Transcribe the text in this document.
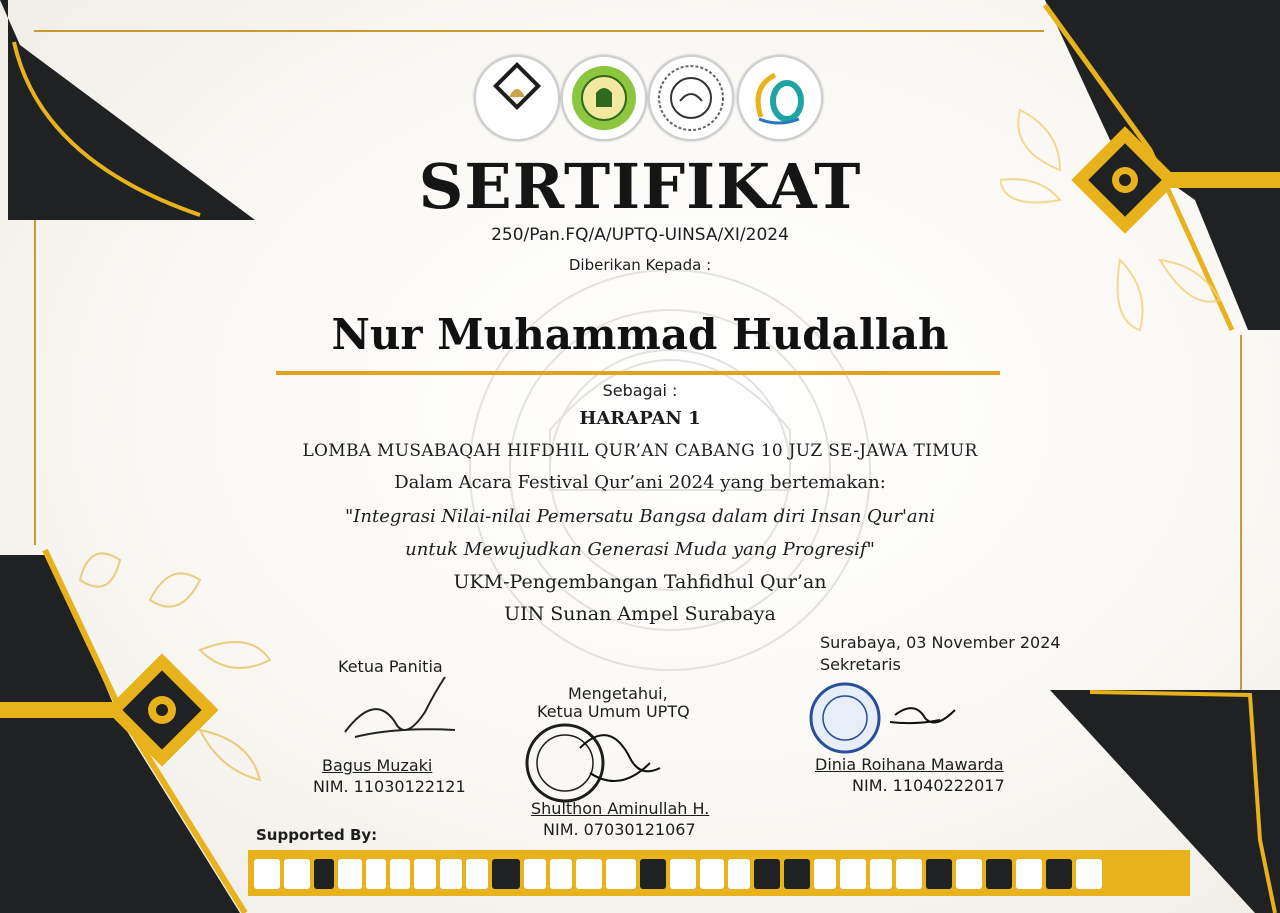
SERTIFIKAT
250/Pan.FQ/A/UPTQ-UINSA/XI/2024
Diberikan Kepada :
Nur Muhammad Hudallah
Sebagai :
HARAPAN 1
LOMBA MUSABAQAH HIFDHIL QUR’AN CABANG 10 JUZ SE-JAWA TIMUR
Dalam Acara Festival Qur’ani 2024 yang bertemakan:
"Integrasi Nilai-nilai Pemersatu Bangsa dalam diri Insan Qur'ani
untuk Mewujudkan Generasi Muda yang Progresif"
UKM-Pengembangan Tahfidhul Qur’an
UIN Sunan Ampel Surabaya
Surabaya, 03 November 2024
Ketua Panitia
Bagus Muzaki
NIM. 11030122121
Mengetahui,
Ketua Umum UPTQ
Shulthon Aminullah H.
NIM. 07030121067
Sekretaris
Dinia Roihana Mawarda
NIM. 11040222017
Supported By:
